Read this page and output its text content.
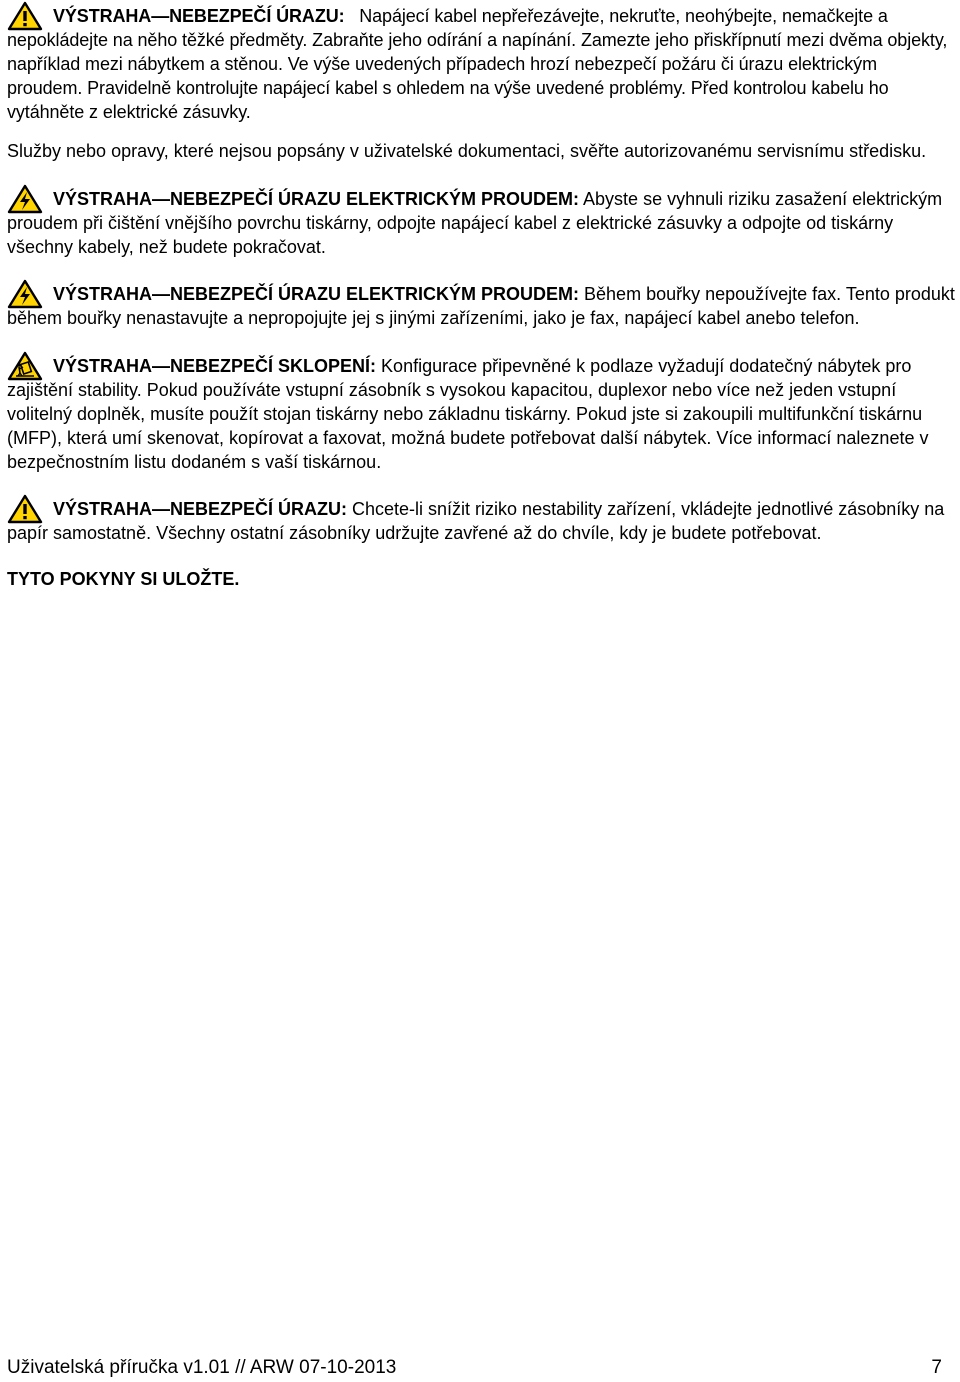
VÝSTRAHA—NEBEZPEČÍ ÚRAZU:   Napájecí kabel nepřeřezávejte, nekruťte, neohýbejte, nemačkejte a nepokládejte na něho těžké předměty. Zabraňte jeho odírání a napínání. Zamezte jeho přiskřípnutí mezi dvěma objekty, například mezi nábytkem a stěnou. Ve výše uvedených případech hrozí nebezpečí požáru či úrazu elektrickým proudem. Pravidelně kontrolujte napájecí kabel s ohledem na výše uvedené problémy. Před kontrolou kabelu ho vytáhněte z elektrické zásuvky.

Služby nebo opravy, které nejsou popsány v uživatelské dokumentaci, svěřte autorizovanému servisnímu středisku.

VÝSTRAHA—NEBEZPEČÍ ÚRAZU ELEKTRICKÝM PROUDEM: Abyste se vyhnuli riziku zasažení elektrickým proudem při čištění vnějšího povrchu tiskárny, odpojte napájecí kabel z elektrické zásuvky a odpojte od tiskárny všechny kabely, než budete pokračovat.

VÝSTRAHA—NEBEZPEČÍ ÚRAZU ELEKTRICKÝM PROUDEM: Během bouřky nepoužívejte fax. Tento produkt během bouřky nenastavujte a nepropojujte jej s jinými zařízeními, jako je fax, napájecí kabel anebo telefon.

VÝSTRAHA—NEBEZPEČÍ SKLOPENÍ: Konfigurace připevněné k podlaze vyžadují dodatečný nábytek pro zajištění stability. Pokud používáte vstupní zásobník s vysokou kapacitou, duplexor nebo více než jeden vstupní volitelný doplněk, musíte použít stojan tiskárny nebo základnu tiskárny. Pokud jste si zakoupili multifunkční tiskárnu (MFP), která umí skenovat, kopírovat a faxovat, možná budete potřebovat další nábytek. Více informací naleznete v bezpečnostním listu dodaném s vaší tiskárnou.

VÝSTRAHA—NEBEZPEČÍ ÚRAZU: Chcete-li snížit riziko nestability zařízení, vkládejte jednotlivé zásobníky na papír samostatně. Všechny ostatní zásobníky udržujte zavřené až do chvíle, kdy je budete potřebovat.

TYTO POKYNY SI ULOŽTE.

Uživatelská příručka v1.01 // ARW 07-10-2013	7
